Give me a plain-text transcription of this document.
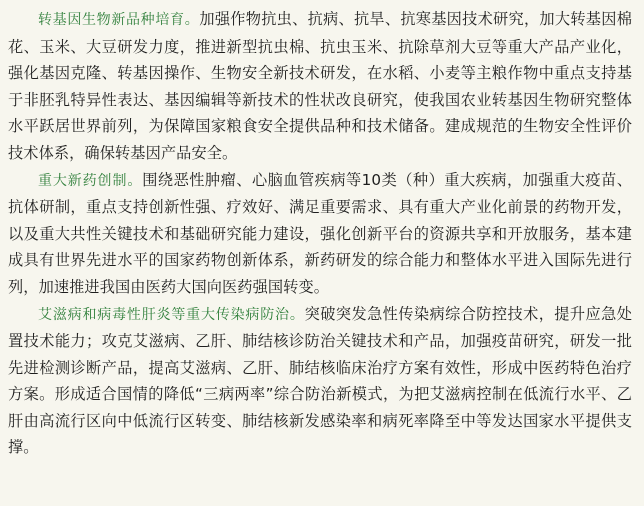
转基因生物新品种培育。加强作物抗虫、抗病、抗旱、抗寒基因技术研究，加大转基因棉花、玉米、大豆研发力度，推进新型抗虫棉、抗虫玉米、抗除草剂大豆等重大产品产业化，强化基因克隆、转基因操作、生物安全新技术研发，在水稻、小麦等主粮作物中重点支持基于非胚乳特异性表达、基因编辑等新技术的性状改良研究，使我国农业转基因生物研究整体水平跃居世界前列，为保障国家粮食安全提供品种和技术储备。建成规范的生物安全性评价技术体系，确保转基因产品安全。

重大新药创制。围绕恶性肿瘤、心脑血管疾病等10类（种）重大疾病，加强重大疫苗、抗体研制，重点支持创新性强、疗效好、满足重要需求、具有重大产业化前景的药物开发，以及重大共性关键技术和基础研究能力建设，强化创新平台的资源共享和开放服务，基本建成具有世界先进水平的国家药物创新体系，新药研发的综合能力和整体水平进入国际先进行列，加速推进我国由医药大国向医药强国转变。

艾滋病和病毒性肝炎等重大传染病防治。突破突发急性传染病综合防控技术，提升应急处置技术能力；攻克艾滋病、乙肝、肺结核诊防治关键技术和产品，加强疫苗研究，研发一批先进检测诊断产品，提高艾滋病、乙肝、肺结核临床治疗方案有效性，形成中医药特色治疗方案。形成适合国情的降低“三病两率”综合防治新模式，为把艾滋病控制在低流行水平、乙肝由高流行区向中低流行区转变、肺结核新发感染率和病死率降至中等发达国家水平提供支撑。
